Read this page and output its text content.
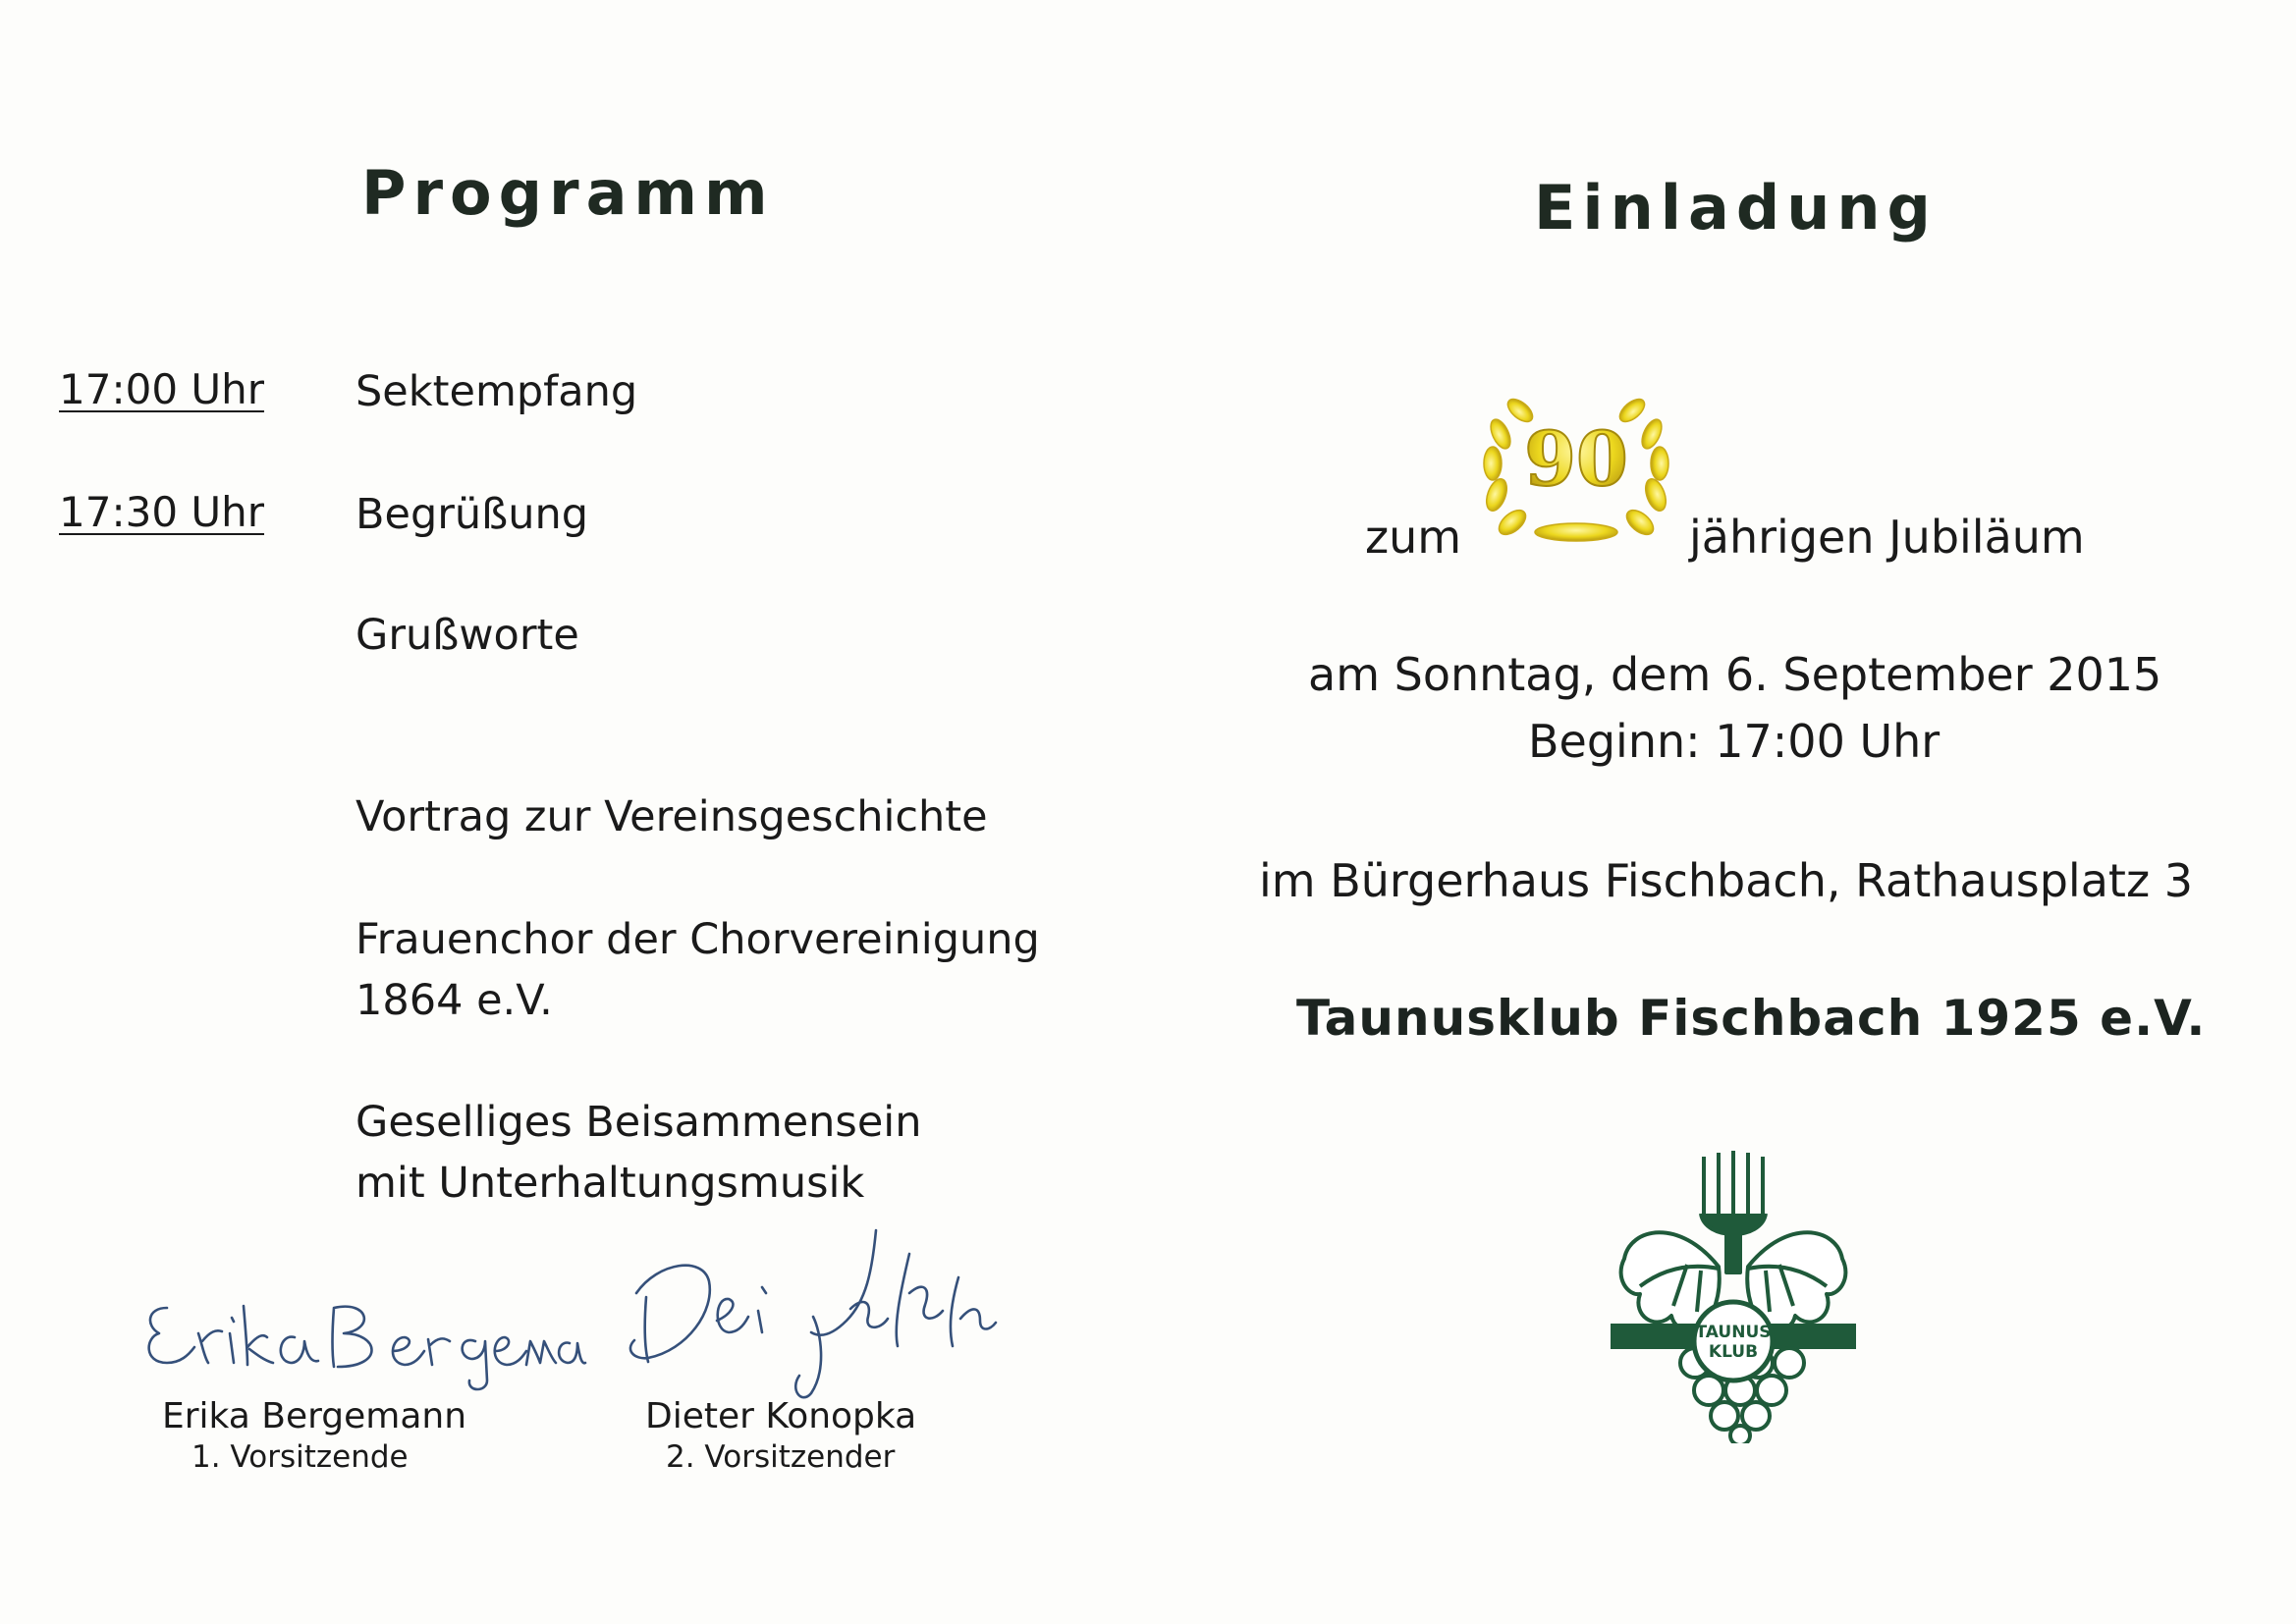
Programm
17:00 Uhr Sektempfang
17:30 Uhr Begrüßung
Grußworte
Vortrag zur Vereinsgeschichte
Frauenchor der Chorvereinigung
1864 e.V.
Geselliges Beisammensein
mit Unterhaltungsmusik
Erika Bergemann
1. Vorsitzende
Dieter Konopka
2. Vorsitzender
Einladung
zum
90
jährigen Jubiläum
am Sonntag, dem 6. September 2015
Beginn: 17:00 Uhr
im Bürgerhaus Fischbach, Rathausplatz 3
Taunusklub Fischbach 1925 e.V.
TAUNUS
KLUB
